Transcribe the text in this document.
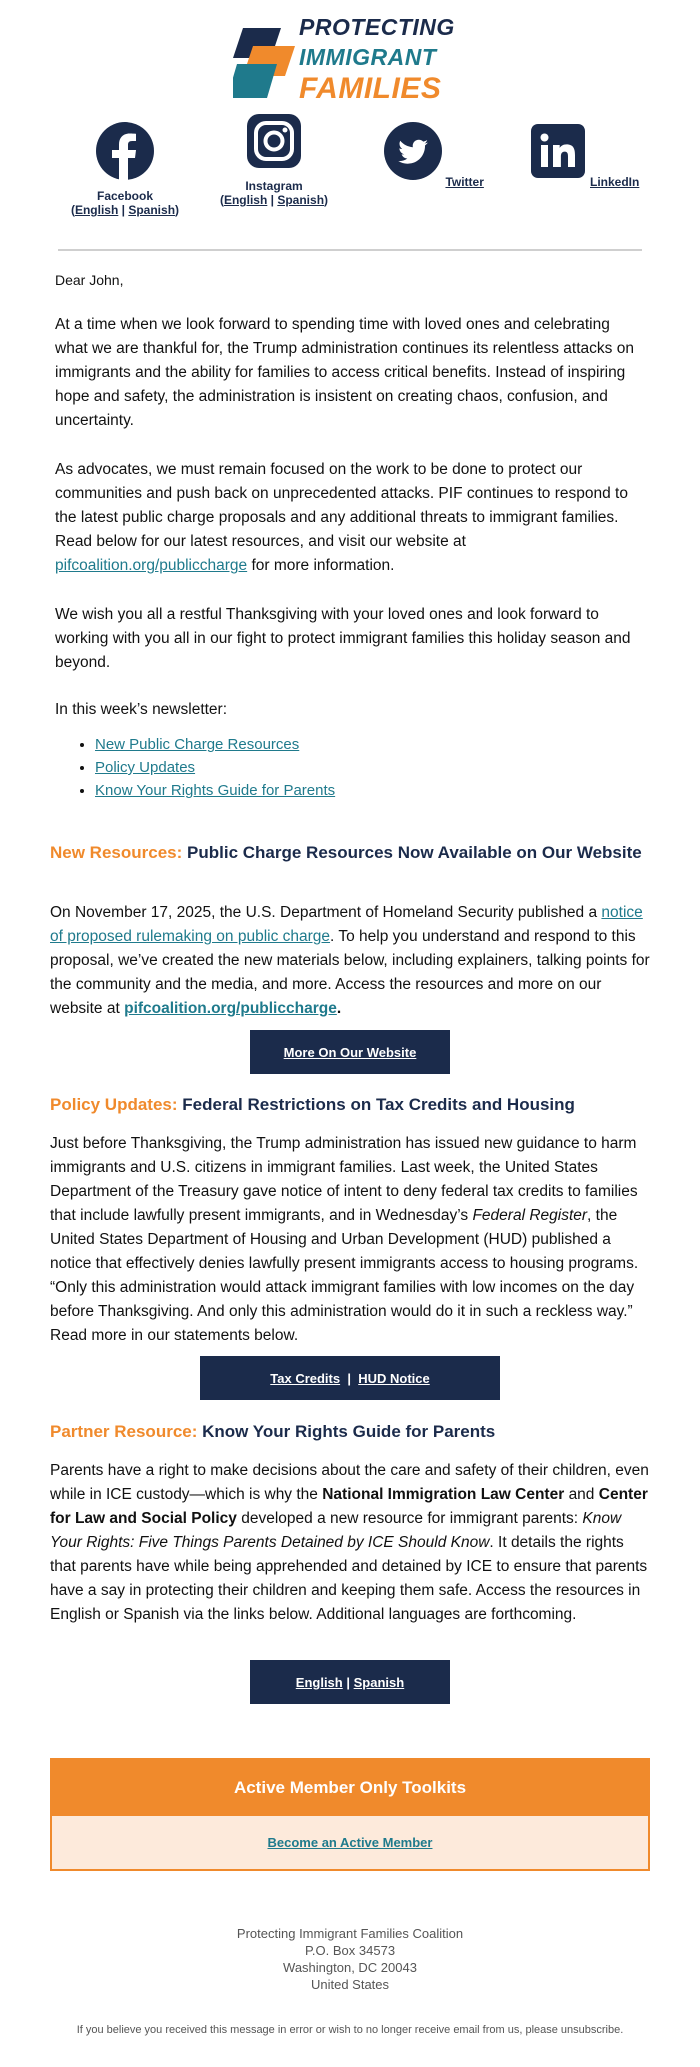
PROTECTING
IMMIGRANT
FAMILIES
Facebook
(English | Spanish)
Instagram
(English | Spanish)
Twitter	LinkedIn
Dear John,
At a time when we look forward to spending time with loved ones and celebrating what we are thankful for, the Trump administration continues its relentless attacks on immigrants and the ability for families to access critical benefits. Instead of inspiring hope and safety, the administration is insistent on creating chaos, confusion, and uncertainty.
As advocates, we must remain focused on the work to be done to protect our communities and push back on unprecedented attacks. PIF continues to respond to the latest public charge proposals and any additional threats to immigrant families. Read below for our latest resources, and visit our website at pifcoalition.org/publiccharge for more information.
We wish you all a restful Thanksgiving with your loved ones and look forward to working with you all in our fight to protect immigrant families this holiday season and beyond.
In this week’s newsletter:
• New Public Charge Resources
• Policy Updates
• Know Your Rights Guide for Parents
New Resources: Public Charge Resources Now Available on Our Website
On November 17, 2025, the U.S. Department of Homeland Security published a notice of proposed rulemaking on public charge. To help you understand and respond to this proposal, we’ve created the new materials below, including explainers, talking points for the community and the media, and more. Access the resources and more on our website at pifcoalition.org/publiccharge.
More On Our Website
Policy Updates: Federal Restrictions on Tax Credits and Housing
Just before Thanksgiving, the Trump administration has issued new guidance to harm immigrants and U.S. citizens in immigrant families. Last week, the United States Department of the Treasury gave notice of intent to deny federal tax credits to families that include lawfully present immigrants, and in Wednesday’s Federal Register, the United States Department of Housing and Urban Development (HUD) published a notice that effectively denies lawfully present immigrants access to housing programs. “Only this administration would attack immigrant families with low incomes on the day before Thanksgiving. And only this administration would do it in such a reckless way.” Read more in our statements below.
Tax Credits
|
HUD Notice
Partner Resource: Know Your Rights Guide for Parents
Parents have a right to make decisions about the care and safety of their children, even while in ICE custody—which is why the National Immigration Law Center and Center for Law and Social Policy developed a new resource for immigrant parents: Know Your Rights: Five Things Parents Detained by ICE Should Know. It details the rights that parents have while being apprehended and detained by ICE to ensure that parents have a say in protecting their children and keeping them safe. Access the resources in English or Spanish via the links below. Additional languages are forthcoming.
English
|
Spanish
Active Member Only Toolkits
Become an Active Member
Protecting Immigrant Families Coalition
P.O. Box 34573
Washington, DC 20043
United States
If you believe you received this message in error or wish to no longer receive email from us, please unsubscribe.
